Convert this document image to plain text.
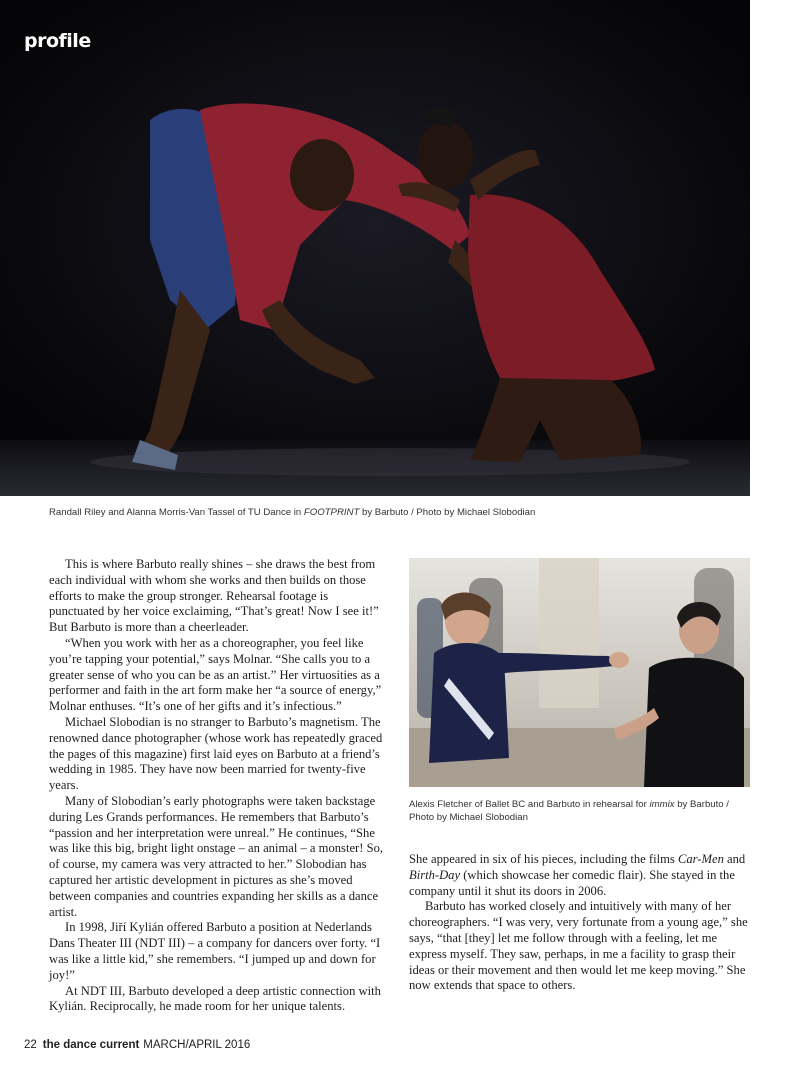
profile
Randall Riley and Alanna Morris-Van Tassel of TU Dance in FOOTPRINT by Barbuto / Photo by Michael Slobodian

This is where Barbuto really shines – she draws the best from each individual with whom she works and then builds on those efforts to make the group stronger. Rehearsal footage is punctuated by her voice exclaiming, “That’s great! Now I see it!” But Barbuto is more than a cheerleader.

“When you work with her as a choreographer, you feel like you’re tapping your potential,” says Molnar. “She calls you to a greater sense of who you can be as an artist.” Her virtuosities as a performer and faith in the art form make her “a source of energy,” Molnar enthuses. “It’s one of her gifts and it’s infectious.”

Michael Slobodian is no stranger to Barbuto’s magnetism. The renowned dance photographer (whose work has repeatedly graced the pages of this magazine) first laid eyes on Barbuto at a friend’s wedding in 1985. They have now been married for twenty-five years.

Many of Slobodian’s early photographs were taken backstage during Les Grands performances. He remembers that Barbuto’s “passion and her interpretation were unreal.” He continues, “She was like this big, bright light onstage – an animal – a monster! So, of course, my camera was very attracted to her.” Slobodian has captured her artistic development in pictures as she’s moved between companies and countries expanding her skills as a dance artist.

In 1998, Jiří Kylián offered Barbuto a position at Nederlands Dans Theater III (NDT III) – a company for dancers over forty. “I was like a little kid,” she remembers. “I jumped up and down for joy!”

At NDT III, Barbuto developed a deep artistic connection with Kylián. Reciprocally, he made room for her unique talents.

Alexis Fletcher of Ballet BC and Barbuto in rehearsal for immix by Barbuto / Photo by Michael Slobodian

She appeared in six of his pieces, including the films Car-Men and Birth-Day (which showcase her comedic flair). She stayed in the company until it shut its doors in 2006.

Barbuto has worked closely and intuitively with many of her choreographers. “I was very, very fortunate from a young age,” she says, “that [they] let me follow through with a feeling, let me express myself. They saw, perhaps, in me a facility to grasp their ideas or their movement and then would let me keep moving.” She now extends that space to others.

22 the dance current MARCH/APRIL 2016
